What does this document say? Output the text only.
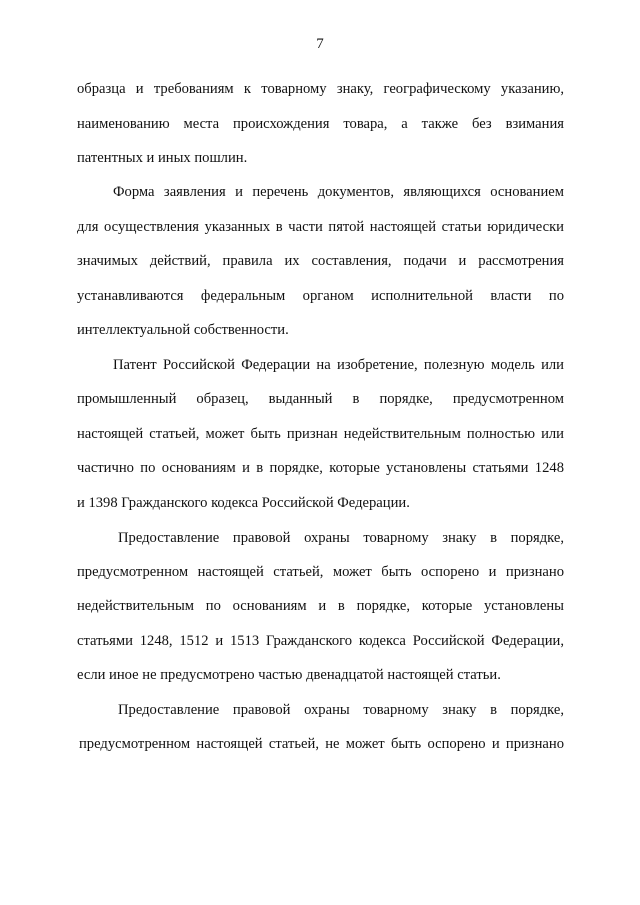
7
образца и требованиям к товарному знаку, географическому указанию,
наименованию места происхождения товара, а также без взимания
патентных и иных пошлин.
Форма заявления и перечень документов, являющихся основанием
для осуществления указанных в части пятой настоящей статьи юридически
значимых действий, правила их составления, подачи и рассмотрения
устанавливаются федеральным органом исполнительной власти по
интеллектуальной собственности.
Патент Российской Федерации на изобретение, полезную модель или
промышленный образец, выданный в порядке, предусмотренном
настоящей статьей, может быть признан недействительным полностью или
частично по основаниям и в порядке, которые установлены статьями 1248
и 1398 Гражданского кодекса Российской Федерации.
Предоставление правовой охраны товарному знаку в порядке,
предусмотренном настоящей статьей, может быть оспорено и признано
недействительным по основаниям и в порядке, которые установлены
статьями 1248, 1512 и 1513 Гражданского кодекса Российской Федерации,
если иное не предусмотрено частью двенадцатой настоящей статьи.
Предоставление правовой охраны товарному знаку в порядке,
предусмотренном настоящей статьей, не может быть оспорено и признано
